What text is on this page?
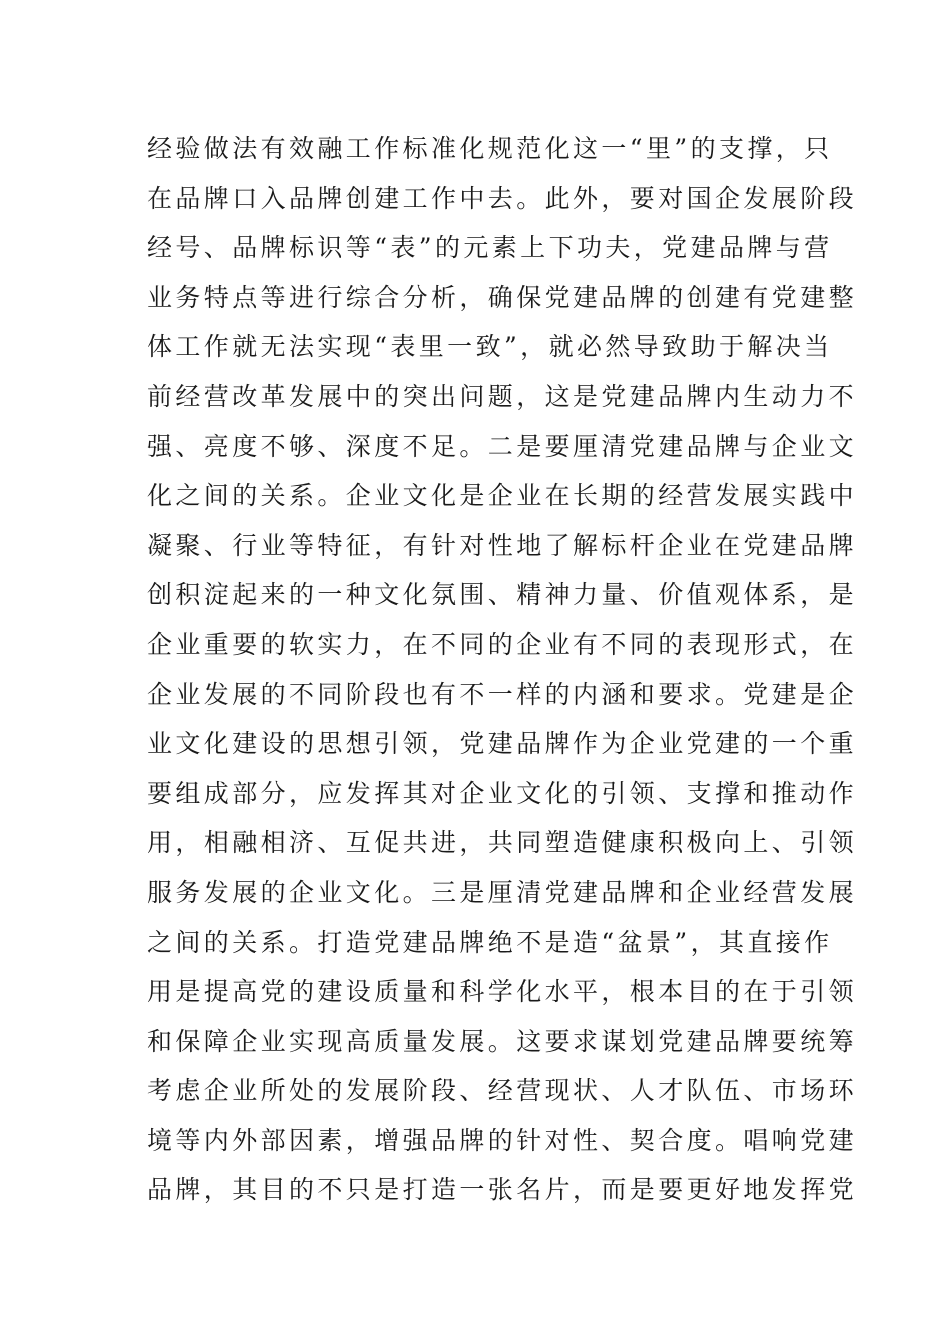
经验做法有效融工作标准化规范化这一“里”的支撑，只
在品牌口入品牌创建工作中去。此外，要对国企发展阶段
经号、品牌标识等“表”的元素上下功夫，党建品牌与营
业务特点等进行综合分析，确保党建品牌的创建有党建整
体工作就无法实现“表里一致”，就必然导致助于解决当
前经营改革发展中的突出问题，这是党建品牌内生动力不
强、亮度不够、深度不足。二是要厘清党建品牌与企业文
化之间的关系。企业文化是企业在长期的经营发展实践中
凝聚、行业等特征，有针对性地了解标杆企业在党建品牌
创积淀起来的一种文化氛围、精神力量、价值观体系，是
企业重要的软实力，在不同的企业有不同的表现形式，在
企业发展的不同阶段也有不一样的内涵和要求。党建是企
业文化建设的思想引领，党建品牌作为企业党建的一个重
要组成部分，应发挥其对企业文化的引领、支撑和推动作
用，相融相济、互促共进，共同塑造健康积极向上、引领
服务发展的企业文化。三是厘清党建品牌和企业经营发展
之间的关系。打造党建品牌绝不是造“盆景”，其直接作
用是提高党的建设质量和科学化水平，根本目的在于引领
和保障企业实现高质量发展。这要求谋划党建品牌要统筹
考虑企业所处的发展阶段、经营现状、人才队伍、市场环
境等内外部因素，增强品牌的针对性、契合度。唱响党建
品牌，其目的不只是打造一张名片，而是要更好地发挥党
